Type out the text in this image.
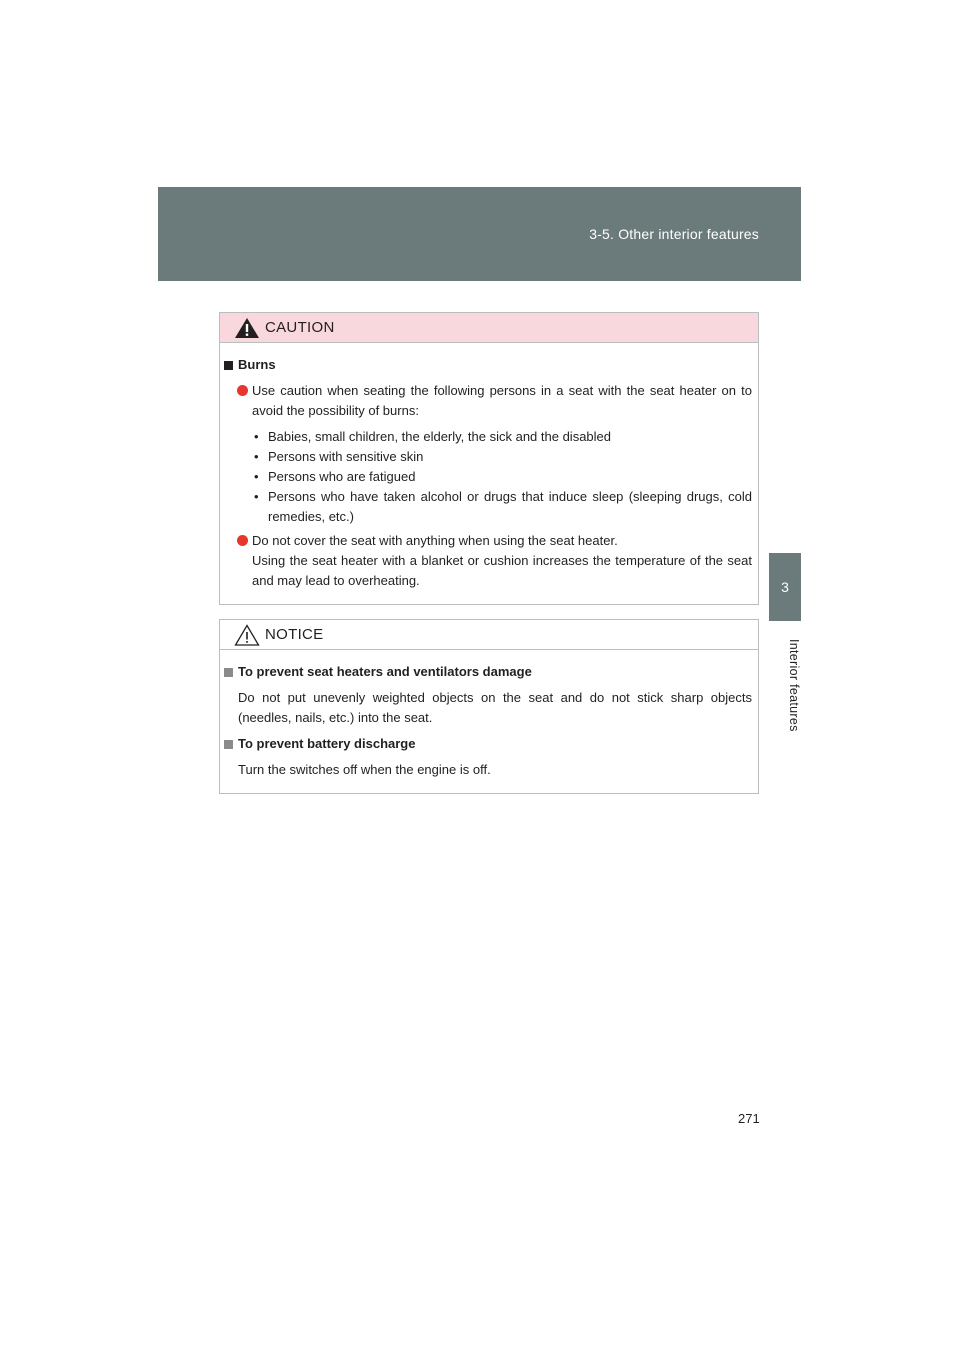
3-5. Other interior features
3
Interior features
CAUTION
Burns
Use caution when seating the following persons in a seat with the seat heater on to avoid the possibility of burns:
• Babies, small children, the elderly, the sick and the disabled
• Persons with sensitive skin
• Persons who are fatigued
• Persons who have taken alcohol or drugs that induce sleep (sleeping drugs, cold remedies, etc.)
Do not cover the seat with anything when using the seat heater.
Using the seat heater with a blanket or cushion increases the temperature of the seat and may lead to overheating.
NOTICE
To prevent seat heaters and ventilators damage
Do not put unevenly weighted objects on the seat and do not stick sharp objects (needles, nails, etc.) into the seat.
To prevent battery discharge
Turn the switches off when the engine is off.
271
